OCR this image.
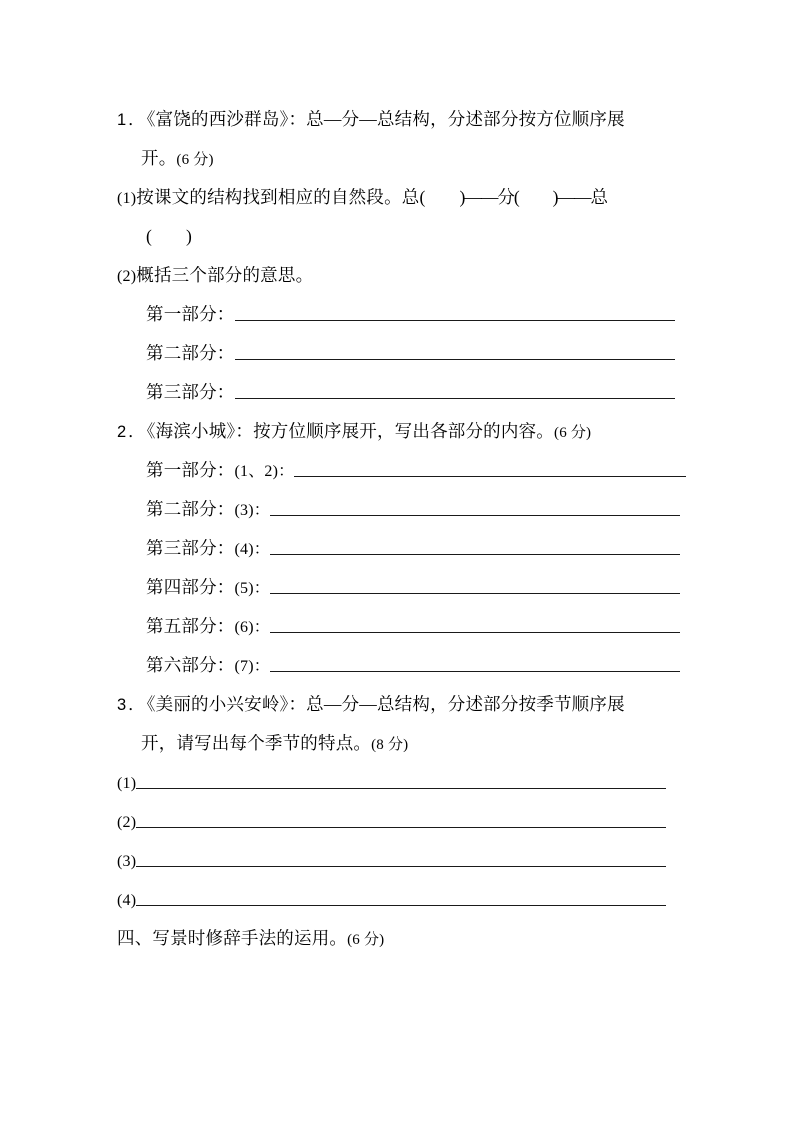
1．《富饶的西沙群岛》：总—分—总结构，分述部分按方位顺序展
开。(6 分)
(1)按课文的结构找到相应的自然段。总( )——分( )——总
( )
(2)概括三个部分的意思。
第一部分：
第二部分：
第三部分：
2．《海滨小城》：按方位顺序展开，写出各部分的内容。(6 分)
第一部分：(1、2)：
第二部分：(3)：
第三部分：(4)：
第四部分：(5)：
第五部分：(6)：
第六部分：(7)：
3．《美丽的小兴安岭》：总—分—总结构，分述部分按季节顺序展
开，请写出每个季节的特点。(8 分)
(1)
(2)
(3)
(4)
四、写景时修辞手法的运用。(6 分)
